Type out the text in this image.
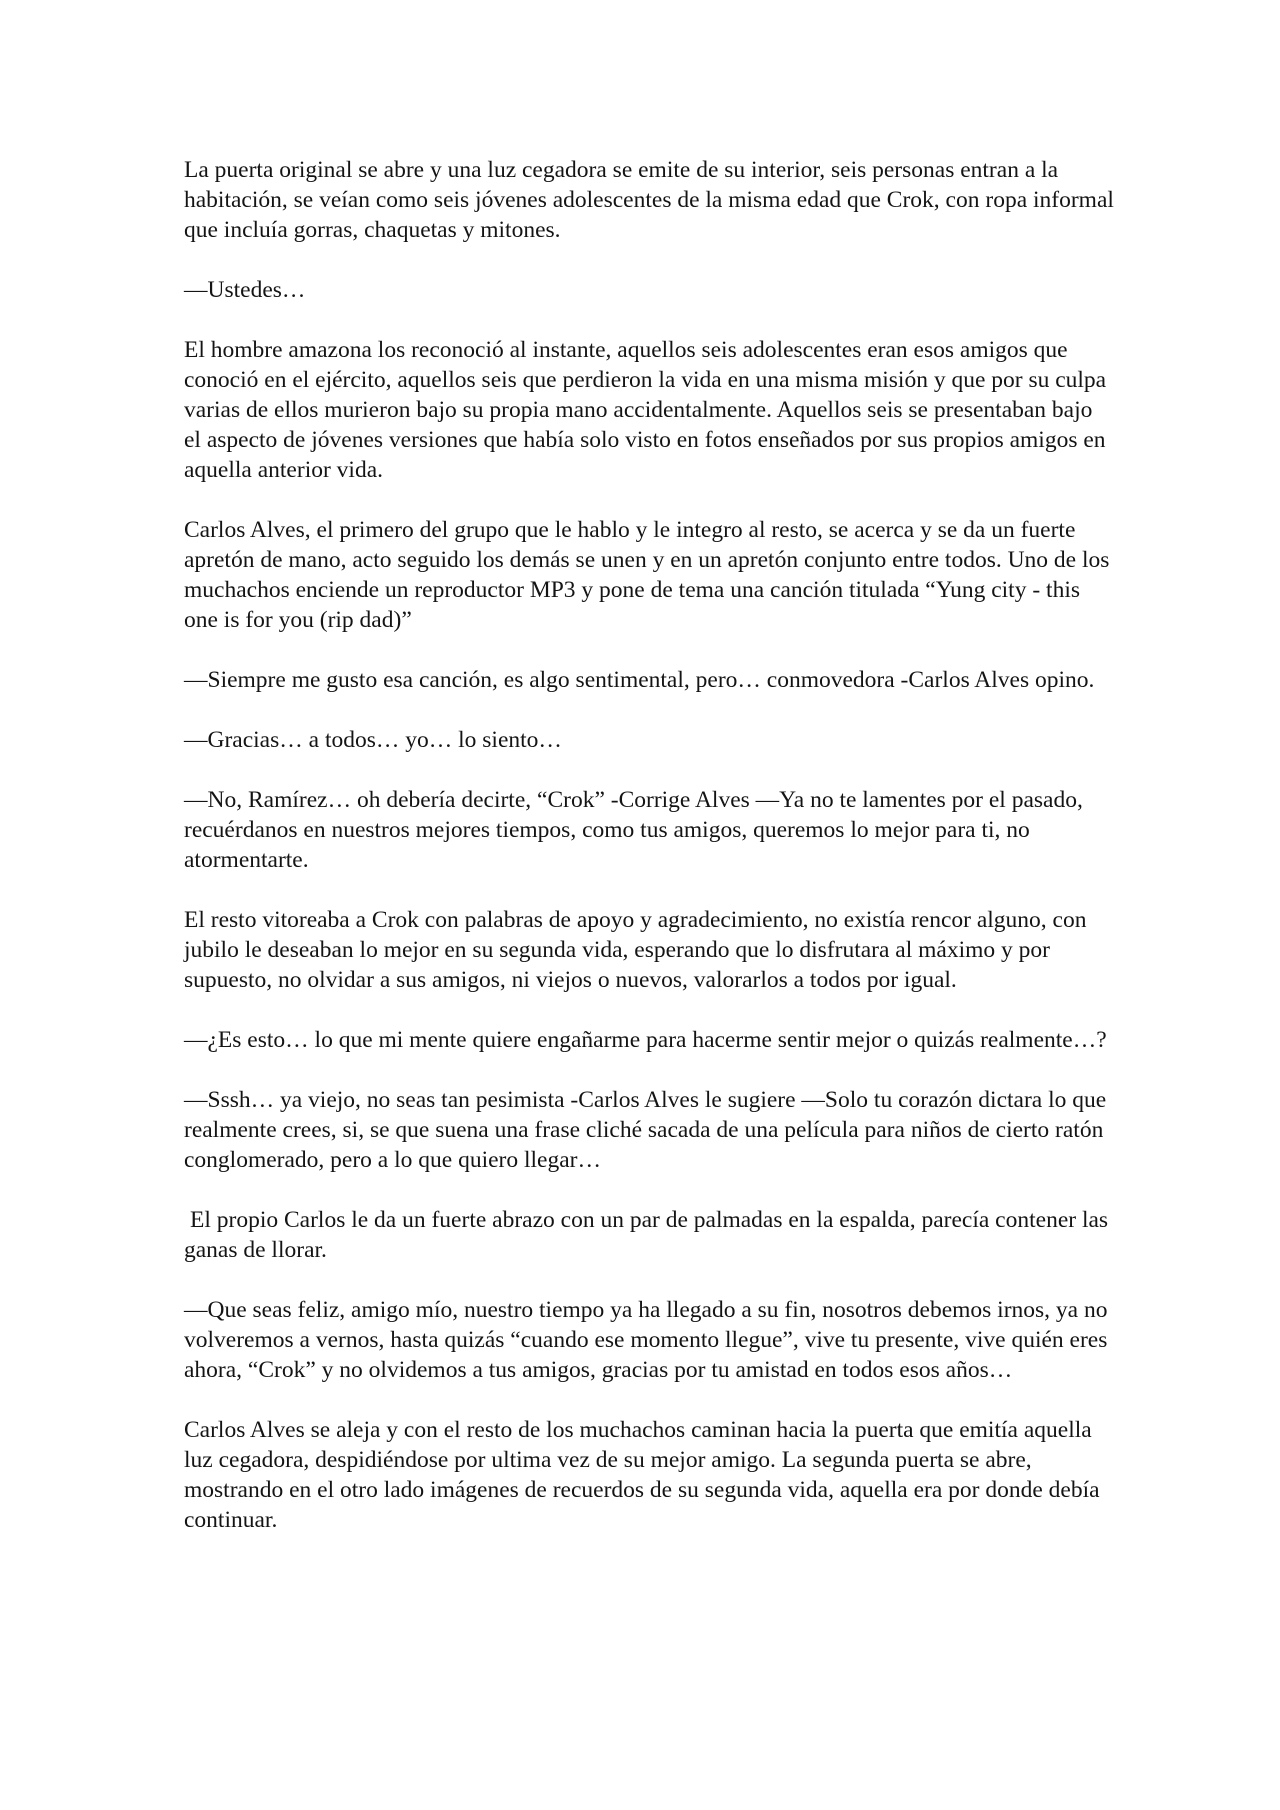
La puerta original se abre y una luz cegadora se emite de su interior, seis personas entran a la habitación, se veían como seis jóvenes adolescentes de la misma edad que Crok, con ropa informal que incluía gorras, chaquetas y mitones.

—Ustedes…

El hombre amazona los reconoció al instante, aquellos seis adolescentes eran esos amigos que conoció en el ejército, aquellos seis que perdieron la vida en una misma misión y que por su culpa varias de ellos murieron bajo su propia mano accidentalmente. Aquellos seis se presentaban bajo el aspecto de jóvenes versiones que había solo visto en fotos enseñados por sus propios amigos en aquella anterior vida.

Carlos Alves, el primero del grupo que le hablo y le integro al resto, se acerca y se da un fuerte apretón de mano, acto seguido los demás se unen y en un apretón conjunto entre todos. Uno de los muchachos enciende un reproductor MP3 y pone de tema una canción titulada “Yung city - this one is for you (rip dad)”

—Siempre me gusto esa canción, es algo sentimental, pero… conmovedora -Carlos Alves opino.

—Gracias… a todos… yo… lo siento…

—No, Ramírez… oh debería decirte, “Crok” -Corrige Alves —Ya no te lamentes por el pasado, recuérdanos en nuestros mejores tiempos, como tus amigos, queremos lo mejor para ti, no atormentarte.

El resto vitoreaba a Crok con palabras de apoyo y agradecimiento, no existía rencor alguno, con jubilo le deseaban lo mejor en su segunda vida, esperando que lo disfrutara al máximo y por supuesto, no olvidar a sus amigos, ni viejos o nuevos, valorarlos a todos por igual.

—¿Es esto… lo que mi mente quiere engañarme para hacerme sentir mejor o quizás realmente…?

—Sssh… ya viejo, no seas tan pesimista -Carlos Alves le sugiere —Solo tu corazón dictara lo que realmente crees, si, se que suena una frase cliché sacada de una película para niños de cierto ratón conglomerado, pero a lo que quiero llegar…

El propio Carlos le da un fuerte abrazo con un par de palmadas en la espalda, parecía contener las ganas de llorar.

—Que seas feliz, amigo mío, nuestro tiempo ya ha llegado a su fin, nosotros debemos irnos, ya no volveremos a vernos, hasta quizás “cuando ese momento llegue”, vive tu presente, vive quién eres ahora, “Crok” y no olvidemos a tus amigos, gracias por tu amistad en todos esos años…

Carlos Alves se aleja y con el resto de los muchachos caminan hacia la puerta que emitía aquella luz cegadora, despidiéndose por ultima vez de su mejor amigo. La segunda puerta se abre, mostrando en el otro lado imágenes de recuerdos de su segunda vida, aquella era por donde debía continuar.
